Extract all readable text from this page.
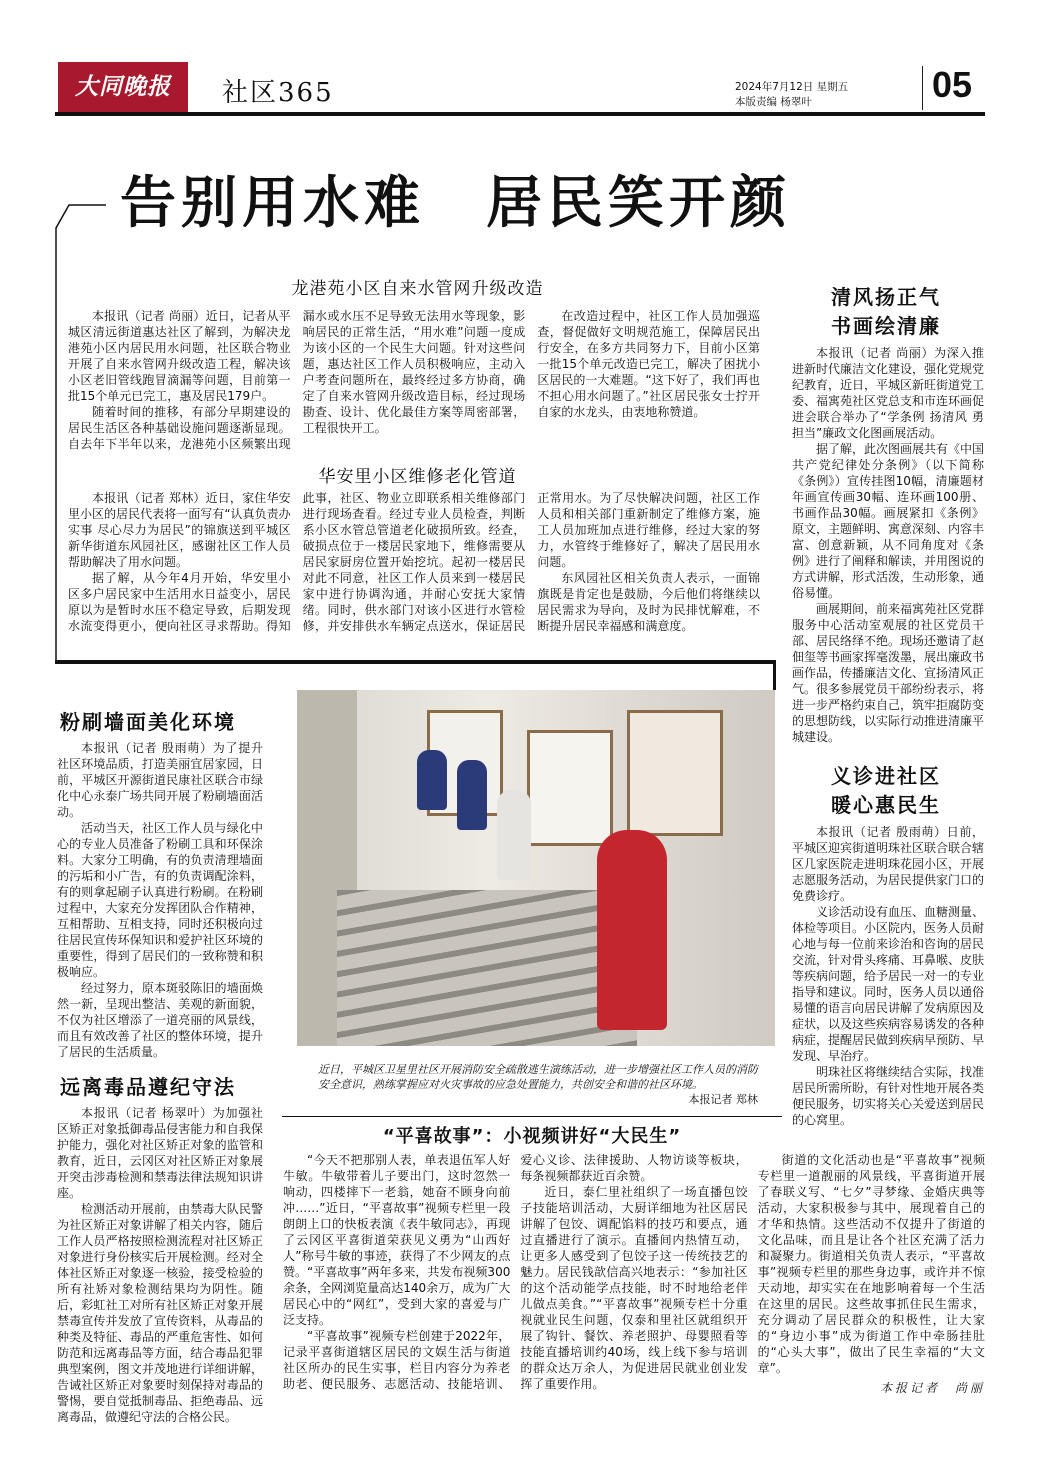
大同晚报	社区365	2024年7月12日 星期五
本版责编 杨翠叶	05
告别用水难　居民笑开颜
龙港苑小区自来水管网升级改造

本报讯（记者 尚丽）近日，记者从平城区清远街道惠达社区了解到，为解决龙港苑小区内居民用水问题，社区联合物业开展了自来水管网升级改造工程，解决该小区老旧管线跑冒滴漏等问题，目前第一批15个单元已完工，惠及居民179户。

随着时间的推移，有部分早期建设的居民生活区各种基础设施问题逐渐显现。自去年下半年以来，龙港苑小区频繁出现漏水或水压不足导致无法用水等现象，影响居民的正常生活，“用水难”问题一度成为该小区的一个民生大问题。针对这些问题，惠达社区工作人员积极响应，主动入户考查问题所在，最终经过多方协商，确定了自来水管网升级改造目标，经过现场勘查、设计、优化最佳方案等周密部署，工程很快开工。

在改造过程中，社区工作人员加强巡查，督促做好文明规范施工，保障居民出行安全，在多方共同努力下，目前小区第一批15个单元改造已完工，解决了困扰小区居民的一大难题。“这下好了，我们再也不担心用水问题了。”社区居民张女士拧开自家的水龙头，由衷地称赞道。

华安里小区维修老化管道

本报讯（记者 郑林）近日，家住华安里小区的居民代表将一面写有“认真负责办实事 尽心尽力为居民”的锦旗送到平城区新华街道东风园社区，感谢社区工作人员帮助解决了用水问题。

据了解，从今年4月开始，华安里小区多户居民家中生活用水日益变小，居民原以为是暂时水压不稳定导致，后期发现水流变得更小，便向社区寻求帮助。得知此事，社区、物业立即联系相关维修部门进行现场查看。经过专业人员检查，判断系小区水管总管道老化破损所致。经查，破损点位于一楼居民家地下，维修需要从居民家厨房位置开始挖坑。起初一楼居民对此不同意，社区工作人员来到一楼居民家中进行协调沟通，并耐心安抚大家情绪。同时，供水部门对该小区进行水管检修，并安排供水车辆定点送水，保证居民正常用水。为了尽快解决问题，社区工作人员和相关部门重新制定了维修方案，施工人员加班加点进行维修，经过大家的努力，水管终于维修好了，解决了居民用水问题。

东风园社区相关负责人表示，一面锦旗既是肯定也是鼓励，今后他们将继续以居民需求为导向，及时为民排忧解难，不断提升居民幸福感和满意度。

清风扬正气
书画绘清廉

本报讯（记者 尚丽）为深入推进新时代廉洁文化建设，强化党规党纪教育，近日，平城区新旺街道党工委、福寓苑社区党总支和市连环画促进会联合举办了“学条例 扬清风 勇担当”廉政文化图画展活动。

据了解，此次图画展共有《中国共产党纪律处分条例》（以下简称《条例》）宣传挂图10幅，清廉题材年画宣传画30幅、连环画100册、书画作品30幅。画展紧扣《条例》原文，主题鲜明、寓意深刻、内容丰富、创意新颖，从不同角度对《条例》进行了阐释和解读，并用图说的方式讲解，形式活泼，生动形象，通俗易懂。

画展期间，前来福寓苑社区党群服务中心活动室观展的社区党员干部、居民络绎不绝。现场还邀请了赵佃玺等书画家挥毫泼墨，展出廉政书画作品，传播廉洁文化、宣扬清风正气。很多参展党员干部纷纷表示，将进一步严格约束自己，筑牢拒腐防变的思想防线，以实际行动推进清廉平城建设。

义诊进社区
暖心惠民生

本报讯（记者 殷雨萌）日前，平城区迎宾街道明珠社区联合联合辖区几家医院走进明珠花园小区，开展志愿服务活动，为居民提供家门口的免费诊疗。

义诊活动设有血压、血糖测量、体检等项目。小区院内，医务人员耐心地与每一位前来诊治和咨询的居民交流，针对骨头疼痛、耳鼻喉、皮肤等疾病问题，给予居民一对一的专业指导和建议。同时，医务人员以通俗易懂的语言向居民讲解了发病原因及症状，以及这些疾病容易诱发的各种病症，提醒居民做到疾病早预防、早发现、早治疗。

明珠社区将继续结合实际，找准居民所需所盼，有针对性地开展各类便民服务，切实将关心关爱送到居民的心窝里。

粉刷墙面美化环境

本报讯（记者 殷雨萌）为了提升社区环境品质，打造美丽宜居家园，日前，平城区开源街道民康社区联合市绿化中心永泰广场共同开展了粉刷墙面活动。

活动当天，社区工作人员与绿化中心的专业人员准备了粉刷工具和环保涂料。大家分工明确，有的负责清理墙面的污垢和小广告，有的负责调配涂料，有的则拿起刷子认真进行粉刷。在粉刷过程中，大家充分发挥团队合作精神，互相帮助、互相支持，同时还积极向过往居民宣传环保知识和爱护社区环境的重要性，得到了居民们的一致称赞和积极响应。

经过努力，原本斑驳陈旧的墙面焕然一新，呈现出整洁、美观的新面貌，不仅为社区增添了一道亮丽的风景线，而且有效改善了社区的整体环境，提升了居民的生活质量。

远离毒品遵纪守法

本报讯（记者 杨翠叶）为加强社区矫正对象抵御毒品侵害能力和自我保护能力，强化对社区矫正对象的监管和教育，近日，云冈区对社区矫正对象展开突击涉毒检测和禁毒法律法规知识讲座。

检测活动开展前，由禁毒大队民警为社区矫正对象讲解了相关内容，随后工作人员严格按照检测流程对社区矫正对象进行身份核实后开展检测。经对全体社区矫正对象逐一核验，接受检验的所有社矫对象检测结果均为阴性。随后，彩虹社工对所有社区矫正对象开展禁毒宣传并发放了宣传资料，从毒品的种类及特征、毒品的严重危害性、如何防范和远离毒品等方面，结合毒品犯罪典型案例，图文并茂地进行详细讲解，告诫社区矫正对象要时刻保持对毒品的警惕，要自觉抵制毒品、拒绝毒品、远离毒品，做遵纪守法的合格公民。

近日，平城区卫星里社区开展消防安全疏散逃生演练活动，进一步增强社区工作人员的消防安全意识，熟练掌握应对火灾事故的应急处置能力，共创安全和谐的社区环境。
本报记者 郑林
“平喜故事”：小视频讲好“大民生”

“今天不把那别人表，单表退伍军人好牛敏。牛敏带着儿子要出门，这时忽然一响动，四楼摔下一老翁，她奋不顾身向前冲……”近日，“平喜故事”视频专栏里一段朗朗上口的快板表演《表牛敏同志》，再现了云冈区平喜街道荣获见义勇为“山西好人”称号牛敏的事迹，获得了不少网友的点赞。“平喜故事”两年多来，共发布视频300余条，全网浏览量高达140余万，成为广大居民心中的“网红”，受到大家的喜爱与广泛支持。

“平喜故事”视频专栏创建于2022年，记录平喜街道辖区居民的文娱生活与街道社区所办的民生实事，栏目内容分为养老助老、便民服务、志愿活动、技能培训、爱心义诊、法律援助、人物访谈等板块，每条视频都获近百余赞。

近日，泰仁里社组织了一场直播包饺子技能培训活动，大厨详细地为社区居民讲解了包饺、调配馅料的技巧和要点，通过直播进行了演示。直播间内热情互动，让更多人感受到了包饺子这一传统技艺的魅力。居民钱歆信高兴地表示：“参加社区的这个活动能学点技能，时不时地给老伴儿做点美食。”“平喜故事”视频专栏十分重视就业民生问题，仅泰和里社区就组织开展了钩针、餐饮、养老照护、母婴照看等技能直播培训约40场，线上线下参与培训的群众达万余人，为促进居民就业创业发挥了重要作用。

街道的文化活动也是“平喜故事”视频专栏里一道靓丽的风景线，平喜街道开展了春联义写、“七夕”寻梦缘、金婚庆典等活动，大家积极参与其中，展现着自己的才华和热情。这些活动不仅提升了街道的文化品味，而且是让各个社区充满了活力和凝聚力。街道相关负责人表示，“平喜故事”视频专栏里的那些身边事，或许并不惊天动地，却实实在在地影响着每一个生活在这里的居民。这些故事抓住民生需求，充分调动了居民群众的积极性，让大家的“身边小事”成为街道工作中牵肠挂肚的“心头大事”，做出了民生幸福的“大文章”。

本报记者　尚丽
